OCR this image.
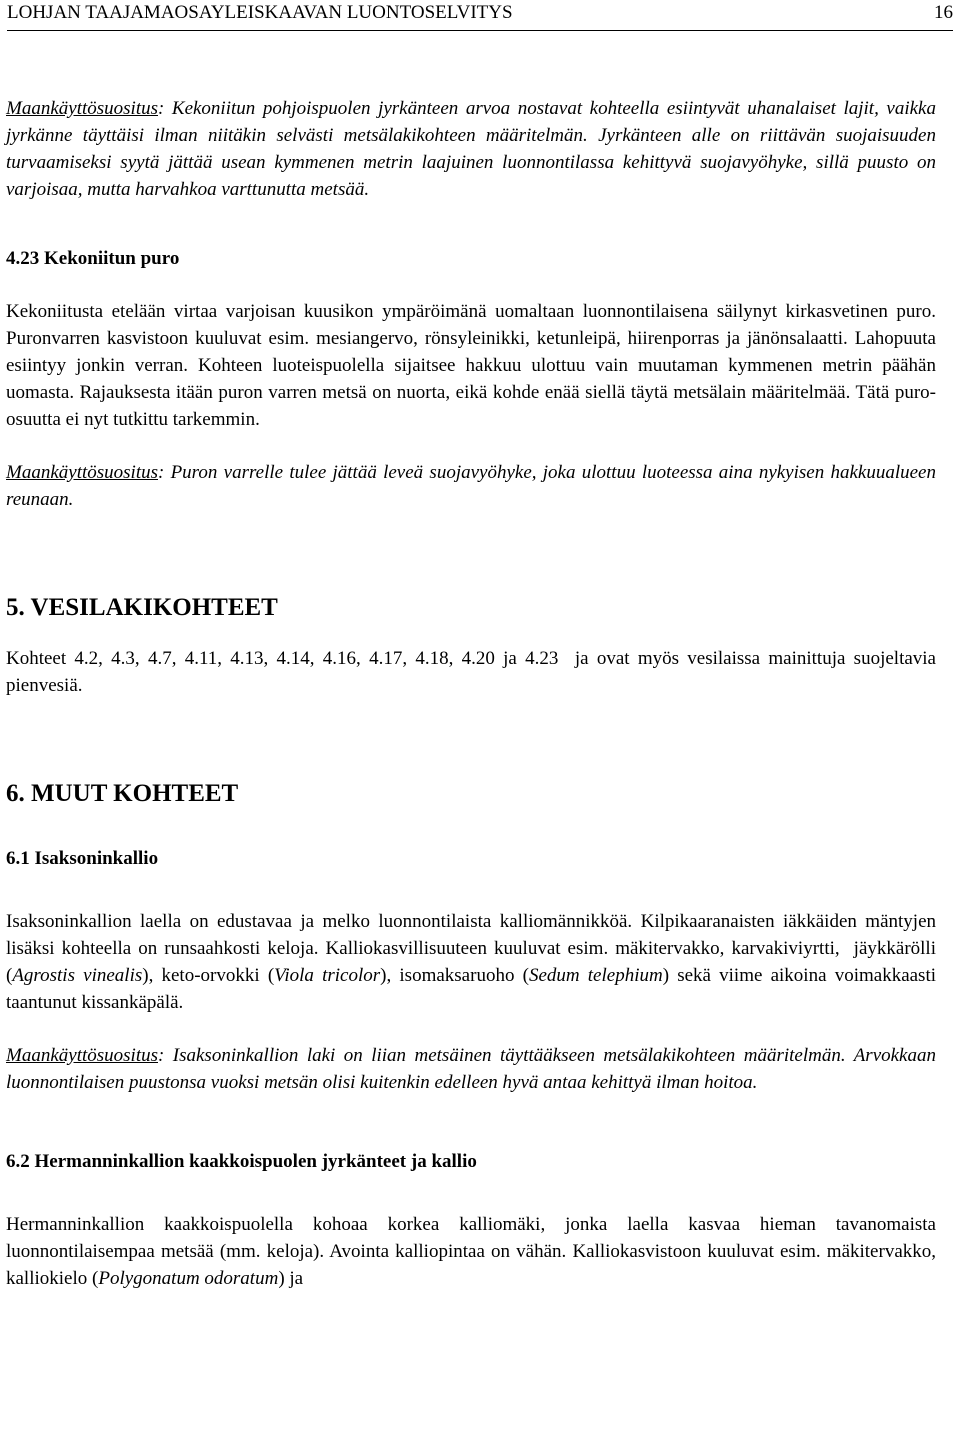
LOHJAN TAAJAMAOSAYLEISKAAVAN LUONTOSELVITYS	16

Maankäyttösuositus: Kekoniitun pohjoispuolen jyrkänteen arvoa nostavat kohteella esiintyvät uhanalaiset lajit, vaikka jyrkänne täyttäisi ilman niitäkin selvästi metsälakikohteen määritelmän. Jyrkänteen alle on riittävän suojaisuuden turvaamiseksi syytä jättää usean kymmenen metrin laajuinen luonnontilassa kehittyvä suojavyöhyke, sillä puusto on varjoisaa, mutta harvahkoa varttunutta metsää.

4.23 Kekoniitun puro

Kekoniitusta etelään virtaa varjoisan kuusikon ympäröimänä uomaltaan luonnontilaisena säilynyt kirkasvetinen puro. Puronvarren kasvistoon kuuluvat esim. mesiangervo, rönsyleinikki, ketunleipä, hiirenporras ja jänönsalaatti. Lahopuuta esiintyy jonkin verran. Kohteen luoteispuolella sijaitsee hakkuu ulottuu vain muutaman kymmenen metrin päähän uomasta. Rajauksesta itään puron varren metsä on nuorta, eikä kohde enää siellä täytä metsälain määritelmää. Tätä puro-osuutta ei nyt tutkittu tarkemmin.

Maankäyttösuositus: Puron varrelle tulee jättää leveä suojavyöhyke, joka ulottuu luoteessa aina nykyisen hakkuualueen reunaan.

5. VESILAKIKOHTEET

Kohteet 4.2, 4.3, 4.7, 4.11, 4.13, 4.14, 4.16, 4.17, 4.18, 4.20 ja 4.23  ja ovat myös vesilaissa mainittuja suojeltavia pienvesiä.

6. MUUT KOHTEET

6.1 Isaksoninkallio

Isaksoninkallion laella on edustavaa ja melko luonnontilaista kalliomännikköä. Kilpikaaranaisten iäkkäiden mäntyjen lisäksi kohteella on runsaahkosti keloja. Kalliokasvillisuuteen kuuluvat esim. mäkitervakko, karvakiviyrtti,  jäykkärölli (Agrostis vinealis), keto-orvokki (Viola tricolor), isomaksaruoho (Sedum telephium) sekä viime aikoina voimakkaasti taantunut kissankäpälä.

Maankäyttösuositus: Isaksoninkallion laki on liian metsäinen täyttääkseen metsälakikohteen määritelmän. Arvokkaan luonnontilaisen puustonsa vuoksi metsän olisi kuitenkin edelleen hyvä antaa kehittyä ilman hoitoa.

6.2 Hermanninkallion kaakkoispuolen jyrkänteet ja kallio

Hermanninkallion kaakkoispuolella kohoaa korkea kalliomäki, jonka laella kasvaa hieman tavanomaista luonnontilaisempaa metsää (mm. keloja). Avointa kalliopintaa on vähän. Kalliokasvistoon kuuluvat esim. mäkitervakko, kalliokielo (Polygonatum odoratum) ja
